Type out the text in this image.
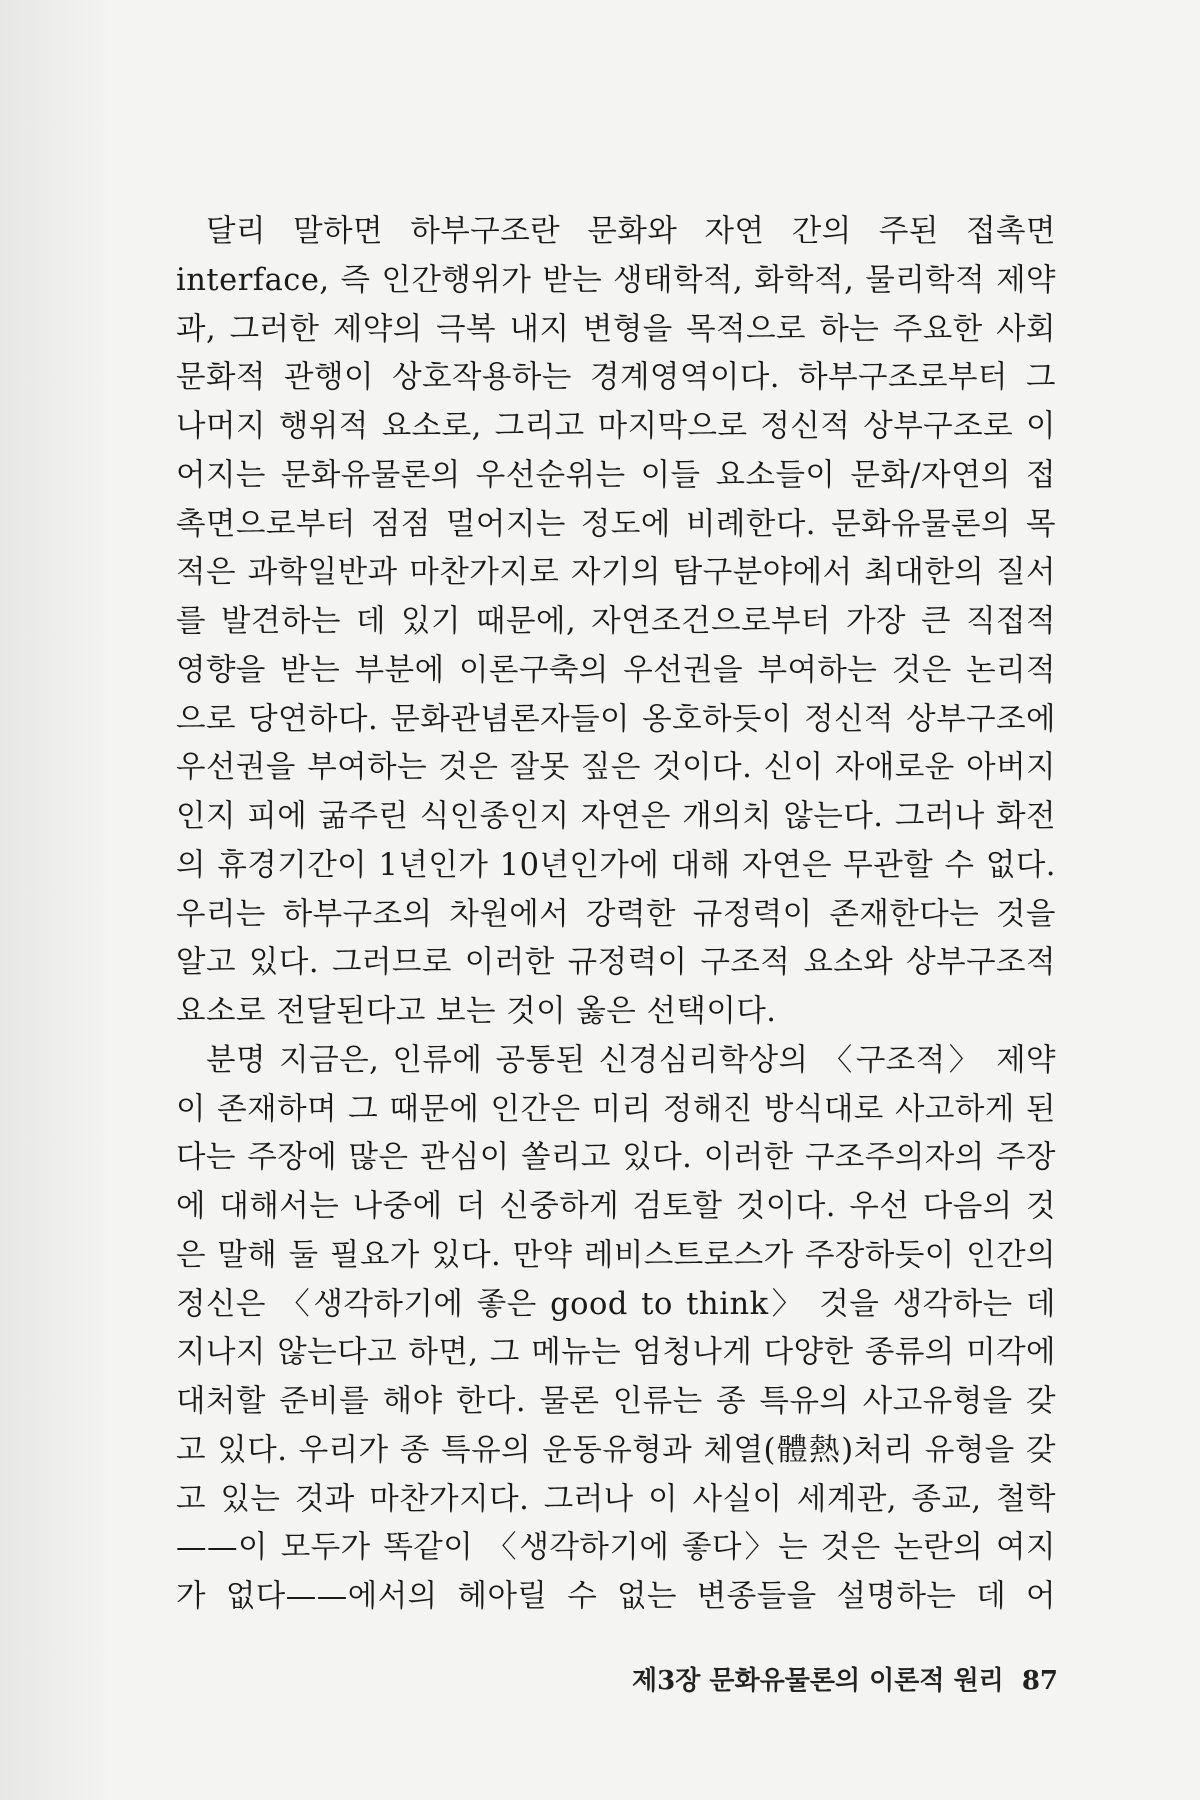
달리 말하면 하부구조란 문화와 자연 간의 주된 접촉면 interface, 즉 인간행위가 받는 생태학적, 화학적, 물리학적 제약과, 그러한 제약의 극복 내지 변형을 목적으로 하는 주요한 사회문화적 관행이 상호작용하는 경계영역이다. 하부구조로부터 그 나머지 행위적 요소로, 그리고 마지막으로 정신적 상부구조로 이어지는 문화유물론의 우선순위는 이들 요소들이 문화/자연의 접촉면으로부터 점점 멀어지는 정도에 비례한다. 문화유물론의 목적은 과학일반과 마찬가지로 자기의 탐구분야에서 최대한의 질서를 발견하는 데 있기 때문에, 자연조건으로부터 가장 큰 직접적 영향을 받는 부분에 이론구축의 우선권을 부여하는 것은 논리적으로 당연하다. 문화관념론자들이 옹호하듯이 정신적 상부구조에 우선권을 부여하는 것은 잘못 짚은 것이다. 신이 자애로운 아버지인지 피에 굶주린 식인종인지 자연은 개의치 않는다. 그러나 화전의 휴경기간이 1년인가 10년인가에 대해 자연은 무관할 수 없다. 우리는 하부구조의 차원에서 강력한 규정력이 존재한다는 것을 알고 있다. 그러므로 이러한 규정력이 구조적 요소와 상부구조적 요소로 전달된다고 보는 것이 옳은 선택이다.

분명 지금은, 인류에 공통된 신경심리학상의 〈구조적〉 제약이 존재하며 그 때문에 인간은 미리 정해진 방식대로 사고하게 된다는 주장에 많은 관심이 쏠리고 있다. 이러한 구조주의자의 주장에 대해서는 나중에 더 신중하게 검토할 것이다. 우선 다음의 것은 말해 둘 필요가 있다. 만약 레비스트로스가 주장하듯이 인간의 정신은 〈생각하기에 좋은 good to think〉 것을 생각하는 데 지나지 않는다고 하면, 그 메뉴는 엄청나게 다양한 종류의 미각에 대처할 준비를 해야 한다. 물론 인류는 종 특유의 사고유형을 갖고 있다. 우리가 종 특유의 운동유형과 체열(體熱)처리 유형을 갖고 있는 것과 마찬가지다. 그러나 이 사실이 세계관, 종교, 철학——이 모두가 똑같이 〈생각하기에 좋다〉는 것은 논란의 여지가 없다——에서의 헤아릴 수 없는 변종들을 설명하는 데 어

제3장 문화유물론의 이론적 원리 87
